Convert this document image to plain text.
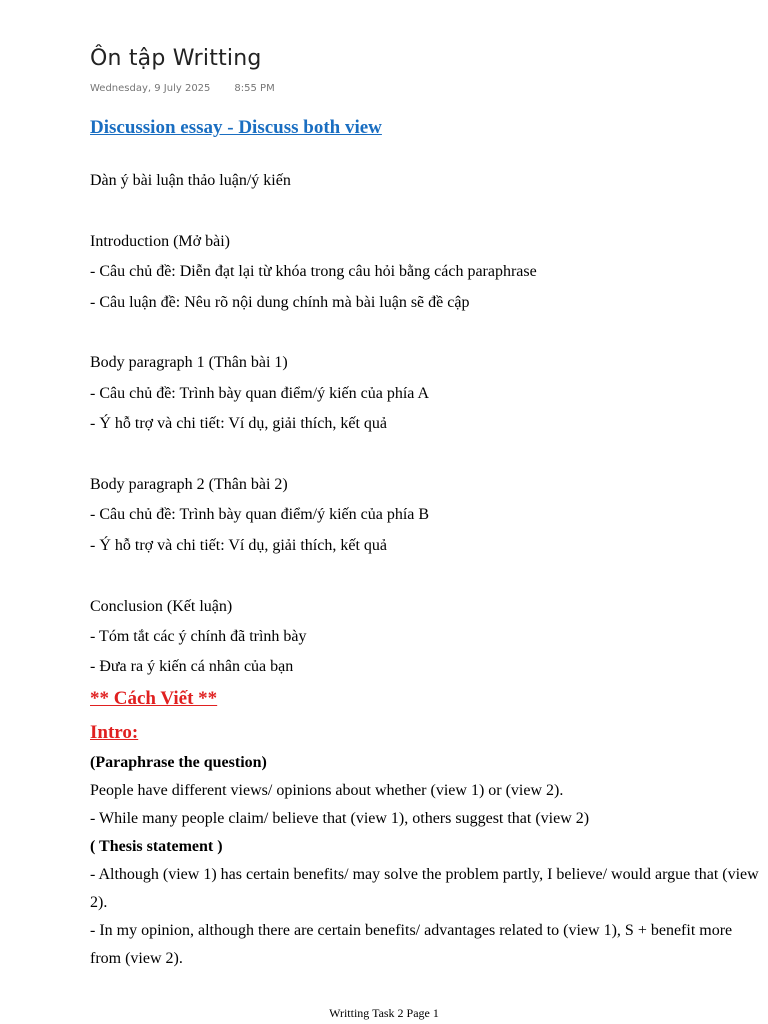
Ôn tập Writting
Wednesday, 9 July 2025 8:55 PM
Discussion essay - Discuss both view
Dàn ý bài luận thảo luận/ý kiến
Introduction (Mở bài)
- Câu chủ đề: Diễn đạt lại từ khóa trong câu hỏi bằng cách paraphrase
- Câu luận đề: Nêu rõ nội dung chính mà bài luận sẽ đề cập
Body paragraph 1 (Thân bài 1)
- Câu chủ đề: Trình bày quan điểm/ý kiến của phía A
- Ý hỗ trợ và chi tiết: Ví dụ, giải thích, kết quả
Body paragraph 2 (Thân bài 2)
- Câu chủ đề: Trình bày quan điểm/ý kiến của phía B
- Ý hỗ trợ và chi tiết: Ví dụ, giải thích, kết quả
Conclusion (Kết luận)
- Tóm tắt các ý chính đã trình bày
- Đưa ra ý kiến cá nhân của bạn
** Cách Viết **
Intro:
(Paraphrase the question)
People have different views/ opinions about whether (view 1) or (view 2).
- While many people claim/ believe that (view 1), others suggest that (view 2)
( Thesis statement )
- Although (view 1) has certain benefits/ may solve the problem partly, I believe/ would argue that (view 2).
- In my opinion, although there are certain benefits/ advantages related to (view 1), S + benefit more from (view 2).
Writting Task 2 Page 1
